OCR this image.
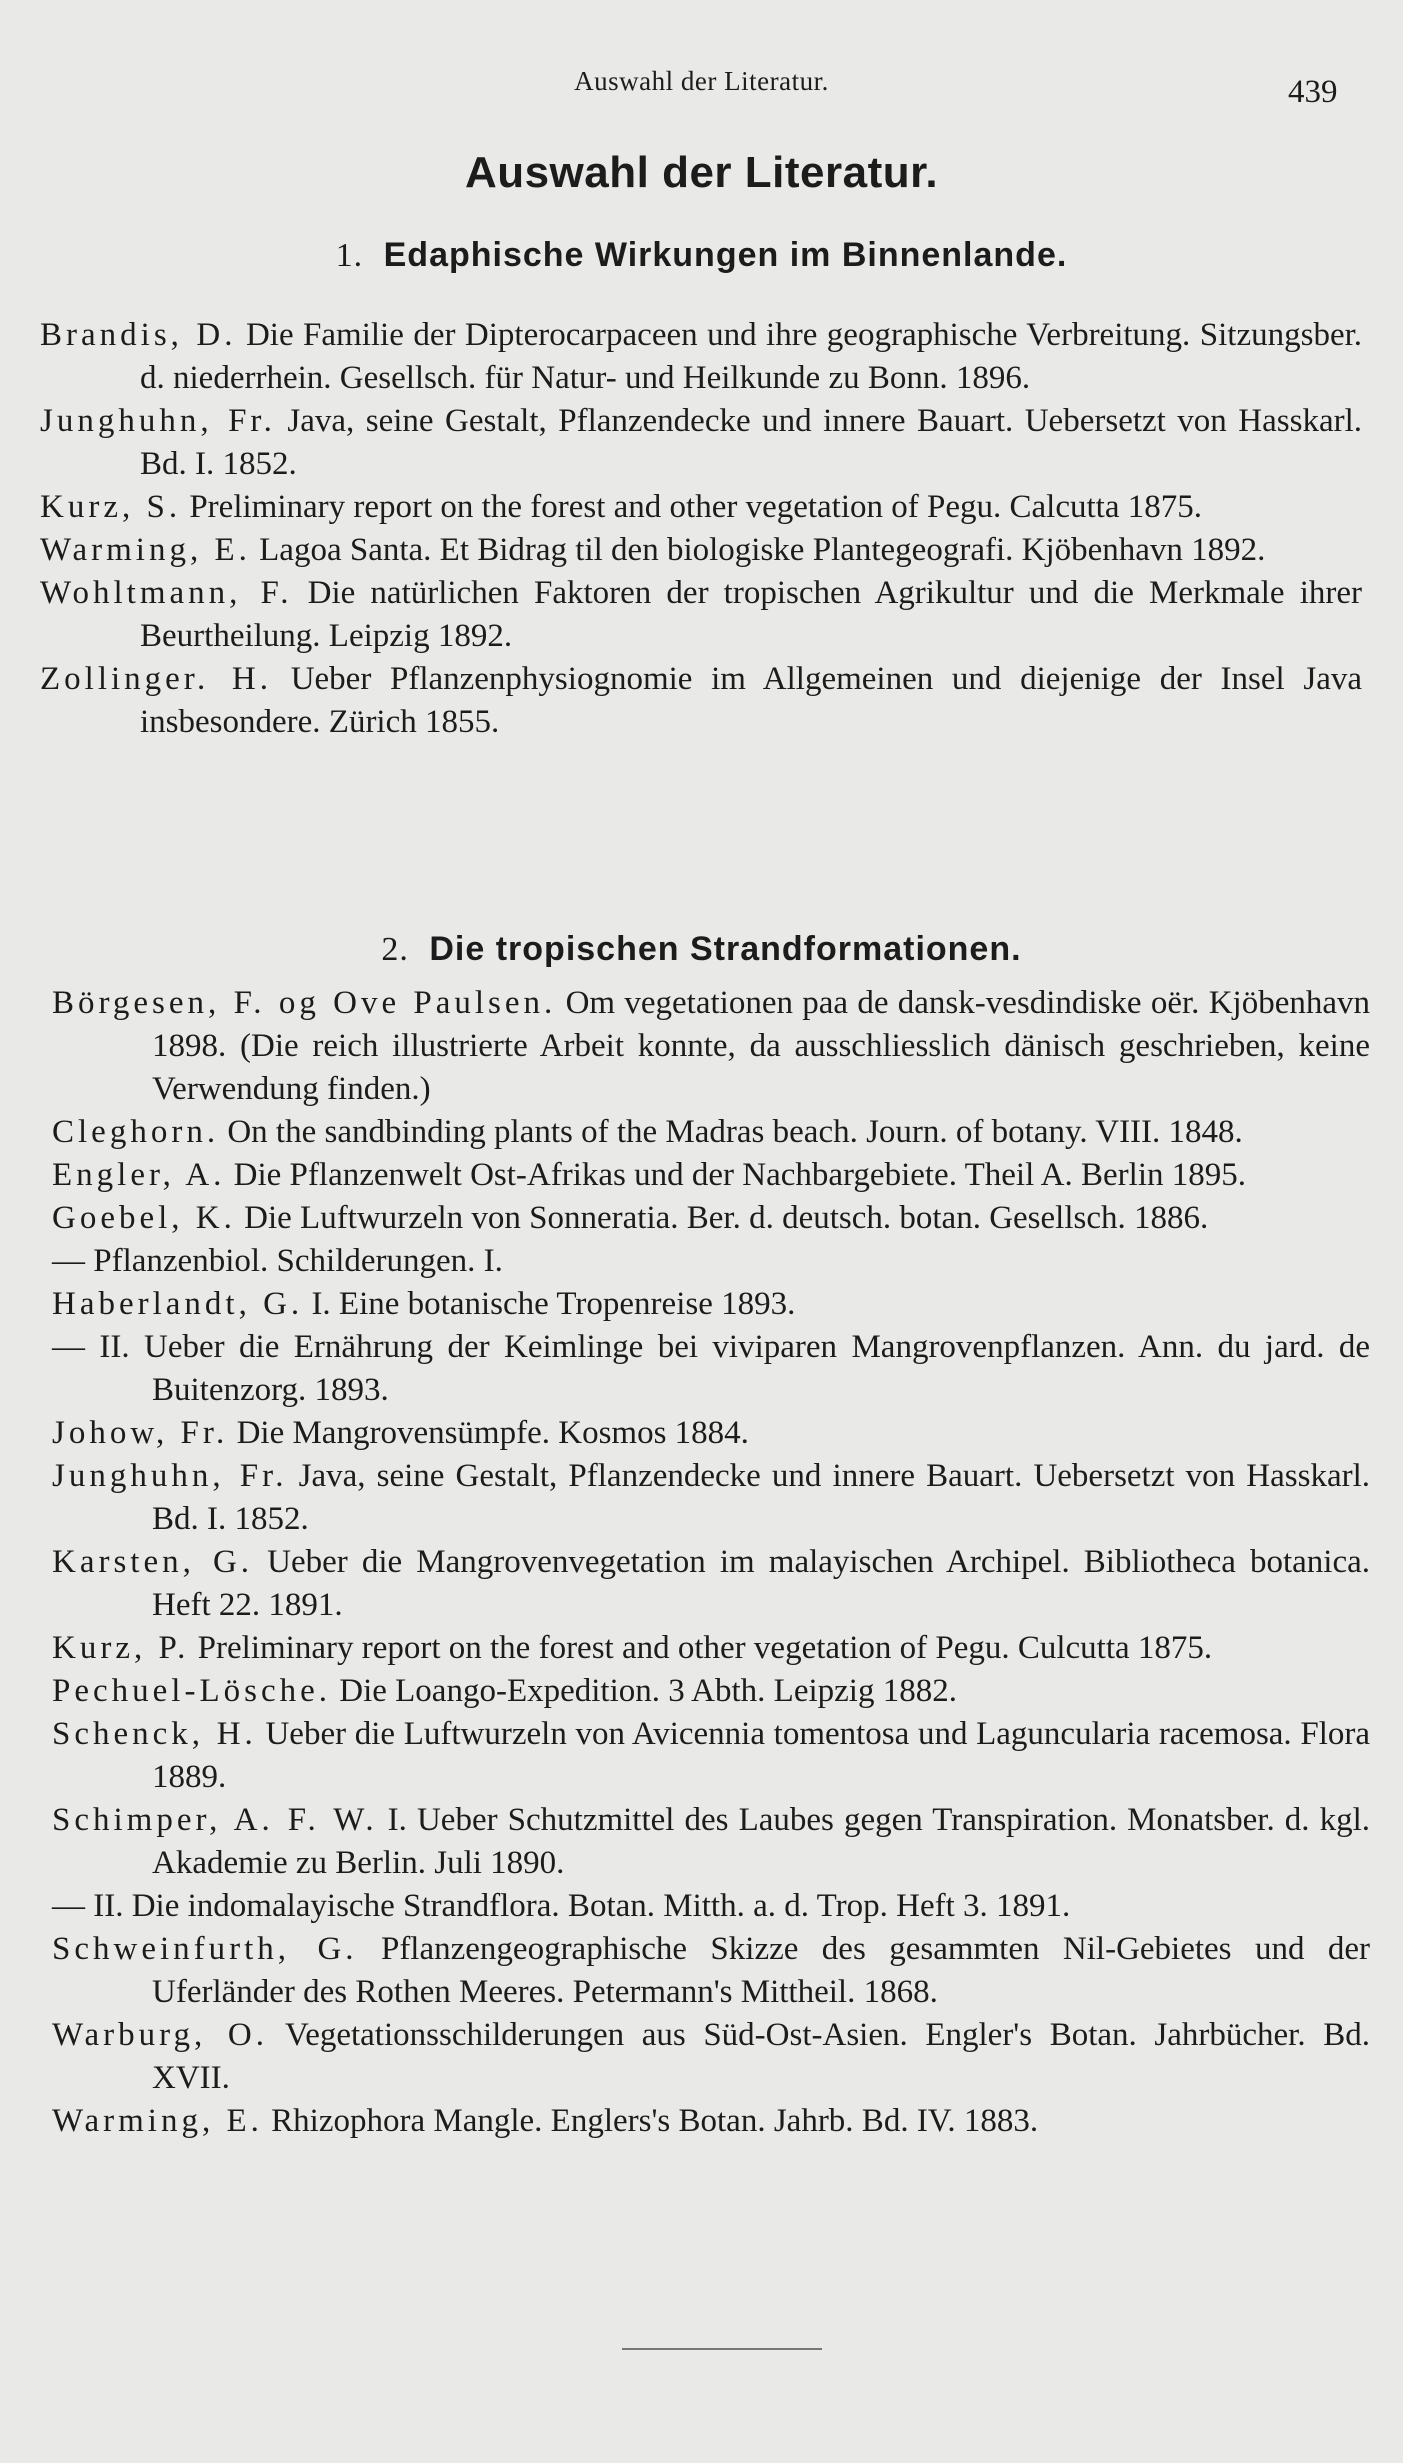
Auswahl der Literatur.	439
Auswahl der Literatur.
1. Edaphische Wirkungen im Binnenlande.

Brandis, D. Die Familie der Dipterocarpaceen und ihre geographische Verbreitung. Sitzungsber. d. niederrhein. Gesellsch. für Natur- und Heilkunde zu Bonn. 1896.

Junghuhn, Fr. Java, seine Gestalt, Pflanzendecke und innere Bauart. Uebersetzt von Hasskarl. Bd. I. 1852.

Kurz, S. Preliminary report on the forest and other vegetation of Pegu. Calcutta 1875.

Warming, E. Lagoa Santa. Et Bidrag til den biologiske Plantegeografi. Kjöbenhavn 1892.

Wohltmann, F. Die natürlichen Faktoren der tropischen Agrikultur und die Merkmale ihrer Beurtheilung. Leipzig 1892.

Zollinger. H. Ueber Pflanzenphysiognomie im Allgemeinen und diejenige der Insel Java insbesondere. Zürich 1855.

2. Die tropischen Strandformationen.

Börgesen, F. og Ove Paulsen. Om vegetationen paa de dansk-vesdindiske oër. Kjöbenhavn 1898. (Die reich illustrierte Arbeit konnte, da ausschliesslich dänisch geschrieben, keine Verwendung finden.)

Cleghorn. On the sandbinding plants of the Madras beach. Journ. of botany. VIII. 1848.

Engler, A. Die Pflanzenwelt Ost-Afrikas und der Nachbargebiete. Theil A. Berlin 1895.

Goebel, K. Die Luftwurzeln von Sonneratia. Ber. d. deutsch. botan. Gesellsch. 1886.

— Pflanzenbiol. Schilderungen. I.

Haberlandt, G. I. Eine botanische Tropenreise 1893.

— II. Ueber die Ernährung der Keimlinge bei viviparen Mangrovenpflanzen. Ann. du jard. de Buitenzorg. 1893.

Johow, Fr. Die Mangrovensümpfe. Kosmos 1884.

Junghuhn, Fr. Java, seine Gestalt, Pflanzendecke und innere Bauart. Uebersetzt von Hasskarl. Bd. I. 1852.

Karsten, G. Ueber die Mangrovenvegetation im malayischen Archipel. Bibliotheca botanica. Heft 22. 1891.

Kurz, P. Preliminary report on the forest and other vegetation of Pegu. Culcutta 1875.

Pechuel-Lösche. Die Loango-Expedition. 3 Abth. Leipzig 1882.

Schenck, H. Ueber die Luftwurzeln von Avicennia tomentosa und Laguncularia racemosa. Flora 1889.

Schimper, A. F. W. I. Ueber Schutzmittel des Laubes gegen Transpiration. Monatsber. d. kgl. Akademie zu Berlin. Juli 1890.

— II. Die indomalayische Strandflora. Botan. Mitth. a. d. Trop. Heft 3. 1891.

Schweinfurth, G. Pflanzengeographische Skizze des gesammten Nil-Gebietes und der Uferländer des Rothen Meeres. Petermann's Mittheil. 1868.

Warburg, O. Vegetationsschilderungen aus Süd-Ost-Asien. Engler's Botan. Jahrbücher. Bd. XVII.

Warming, E. Rhizophora Mangle. Englers's Botan. Jahrb. Bd. IV. 1883.
